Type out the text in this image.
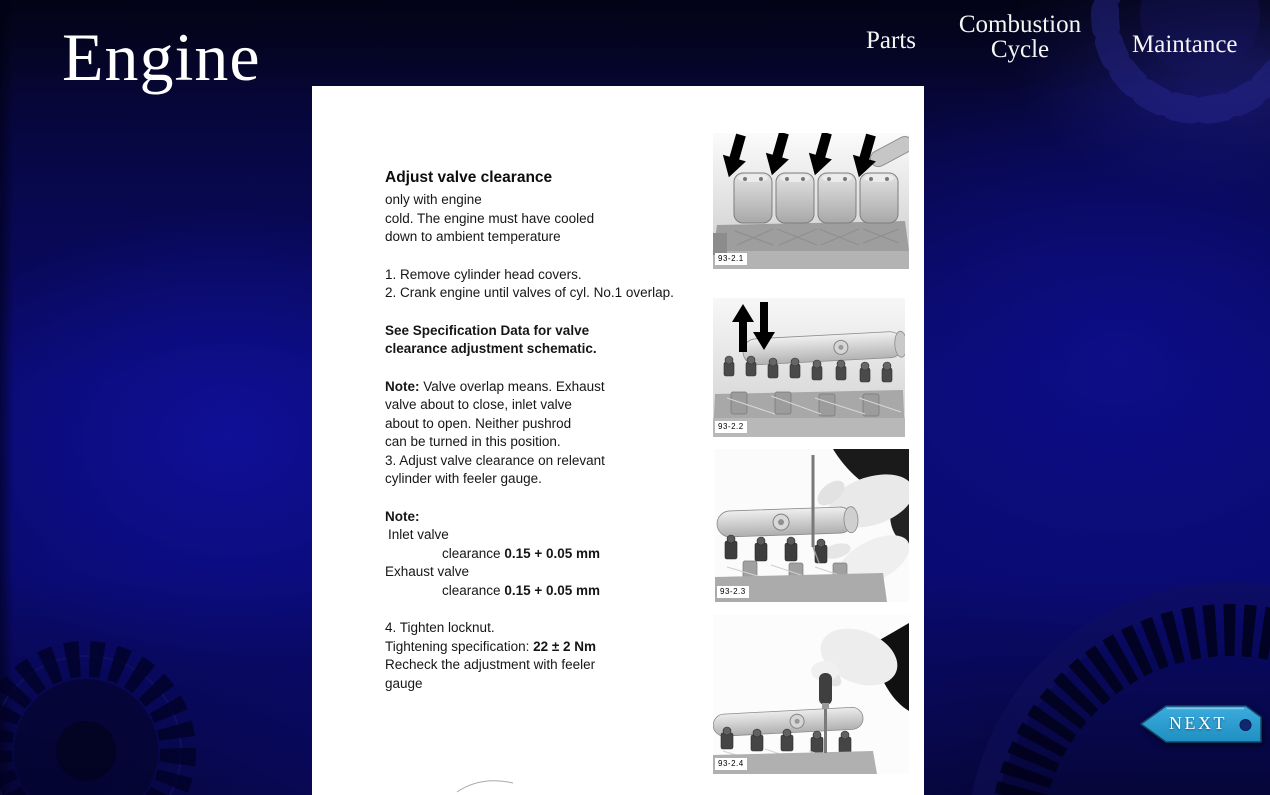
Engine	Parts
Combustion
Cycle	Maintance
Adjust valve clearance

only with engine
cold. The engine must have cooled
down to ambient temperature

1. Remove cylinder head covers.
2. Crank engine until valves of cyl. No.1 overlap.

See Specification Data for valve
clearance adjustment schematic.

Note: Valve overlap means. Exhaust
valve about to close, inlet valve
about to open. Neither pushrod
can be turned in this position.
3. Adjust valve clearance on relevant
cylinder with feeler gauge.

Note:
Inlet valve
clearance 0.15 + 0.05 mm
Exhaust valve
clearance 0.15 + 0.05 mm

4. Tighten locknut.
Tightening specification: 22 ± 2 Nm
Recheck the adjustment with feeler
gauge

93-2.1
93-2.2
93-2.3
93-2.4
NEXT
